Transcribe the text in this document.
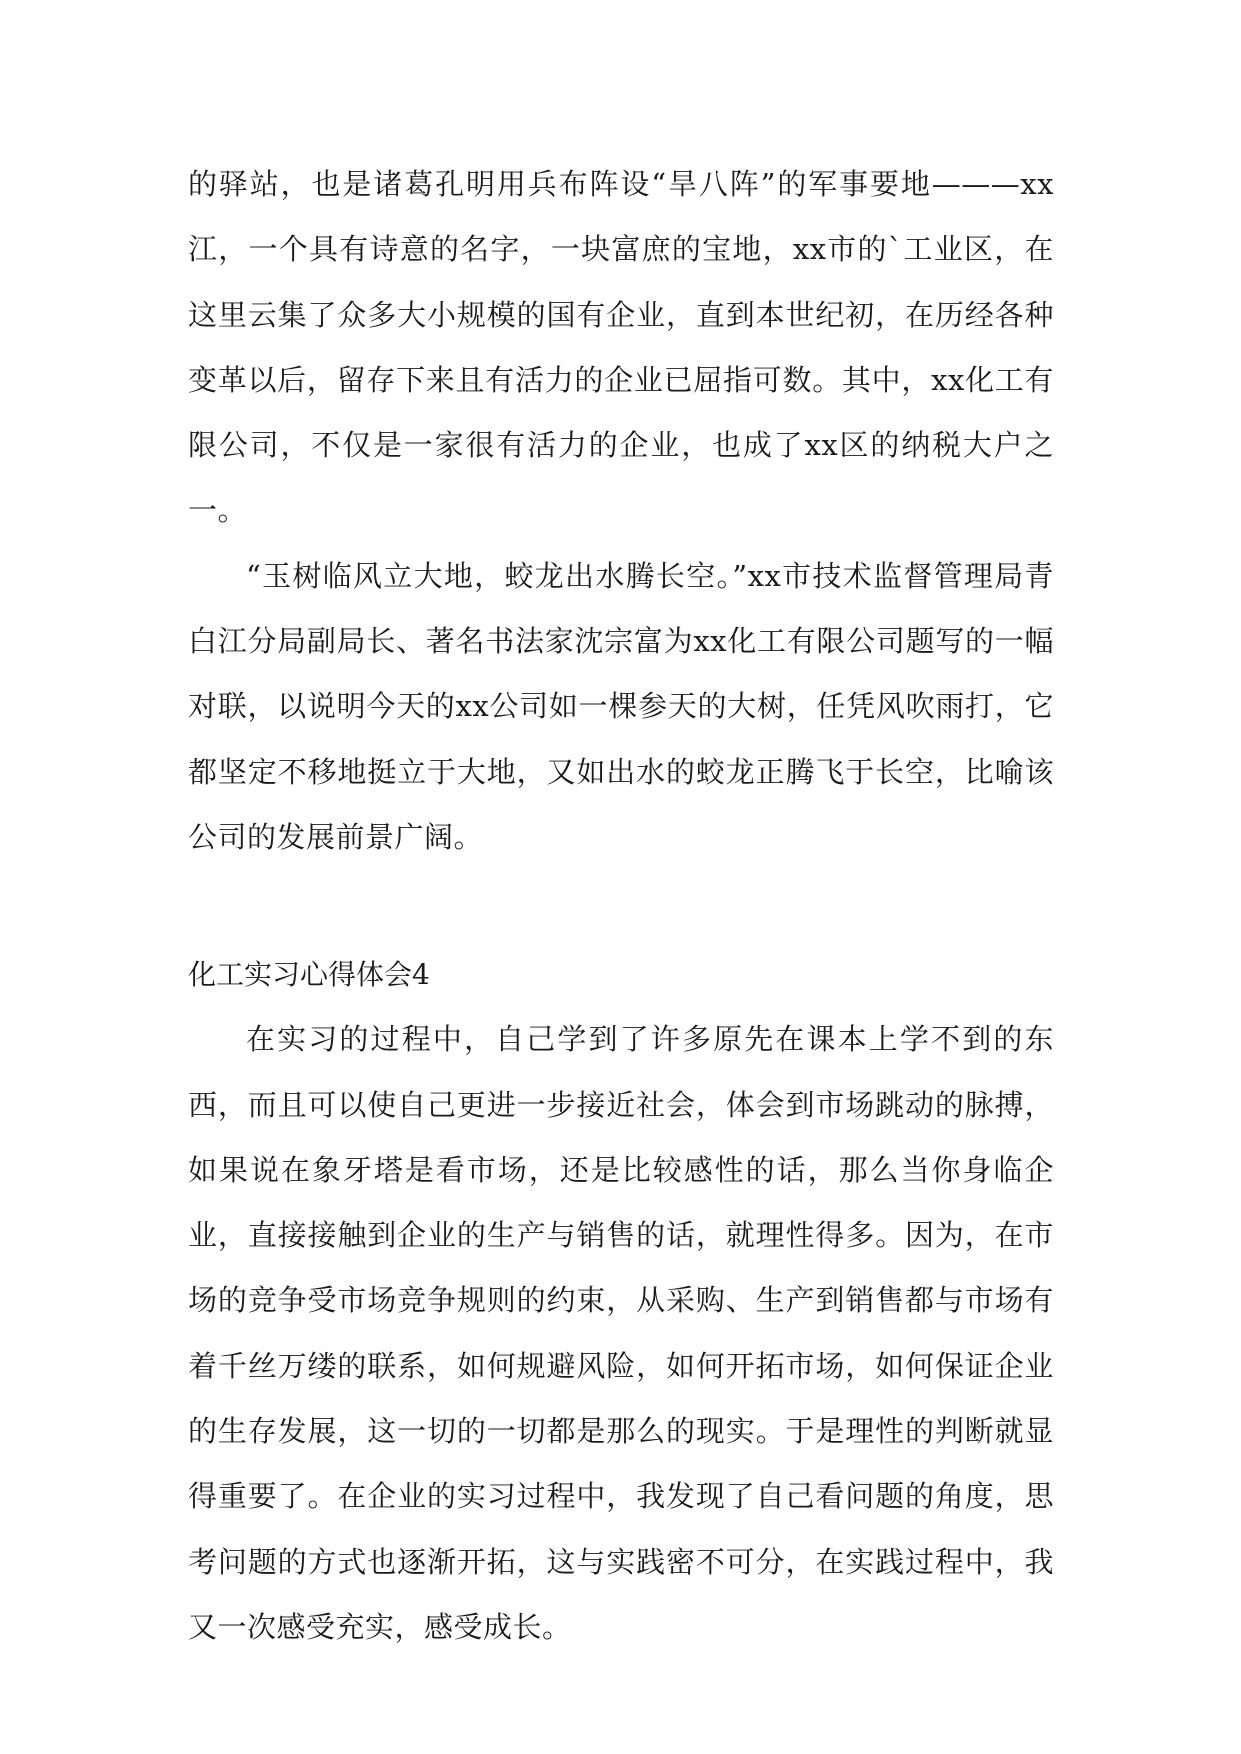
的驿站，也是诸葛孔明用兵布阵设“旱八阵”的军事要地———xx江，一个具有诗意的名字，一块富庶的宝地，xx市的`工业区，在这里云集了众多大小规模的国有企业，直到本世纪初，在历经各种变革以后，留存下来且有活力的企业已屈指可数。其中，xx化工有限公司，不仅是一家很有活力的企业，也成了xx区的纳税大户之一。

“玉树临风立大地，蛟龙出水腾长空。”xx市技术监督管理局青白江分局副局长、著名书法家沈宗富为xx化工有限公司题写的一幅对联，以说明今天的xx公司如一棵参天的大树，任凭风吹雨打，它都坚定不移地挺立于大地，又如出水的蛟龙正腾飞于长空，比喻该公司的发展前景广阔。

化工实习心得体会4

在实习的过程中，自己学到了许多原先在课本上学不到的东西，而且可以使自己更进一步接近社会，体会到市场跳动的脉搏，如果说在象牙塔是看市场，还是比较感性的话，那么当你身临企业，直接接触到企业的生产与销售的话，就理性得多。因为，在市场的竞争受市场竞争规则的约束，从采购、生产到销售都与市场有着千丝万缕的联系，如何规避风险，如何开拓市场，如何保证企业的生存发展，这一切的一切都是那么的现实。于是理性的判断就显得重要了。在企业的实习过程中，我发现了自己看问题的角度，思考问题的方式也逐渐开拓，这与实践密不可分，在实践过程中，我又一次感受充实，感受成长。
